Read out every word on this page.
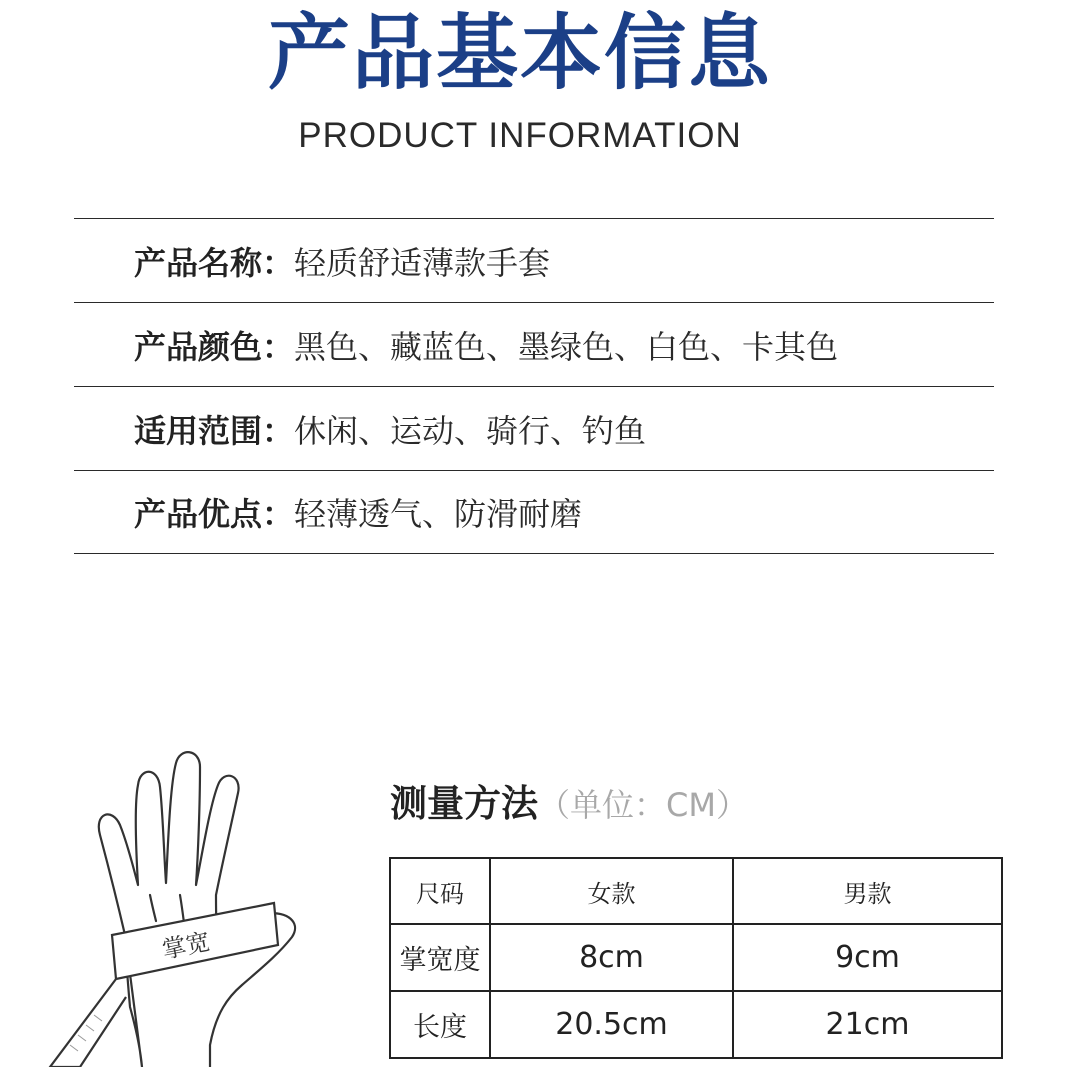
产品基本信息
PRODUCT INFORMATION
产品名称： 轻质舒适薄款手套
产品颜色： 黑色、藏蓝色、墨绿色、白色、卡其色
适用范围： 休闲、运动、骑行、钓鱼
产品优点： 轻薄透气、防滑耐磨
掌宽
测量方法（单位：CM）
尺码	女款	男款
掌宽度	8cm	9cm
长度	20.5cm	21cm
